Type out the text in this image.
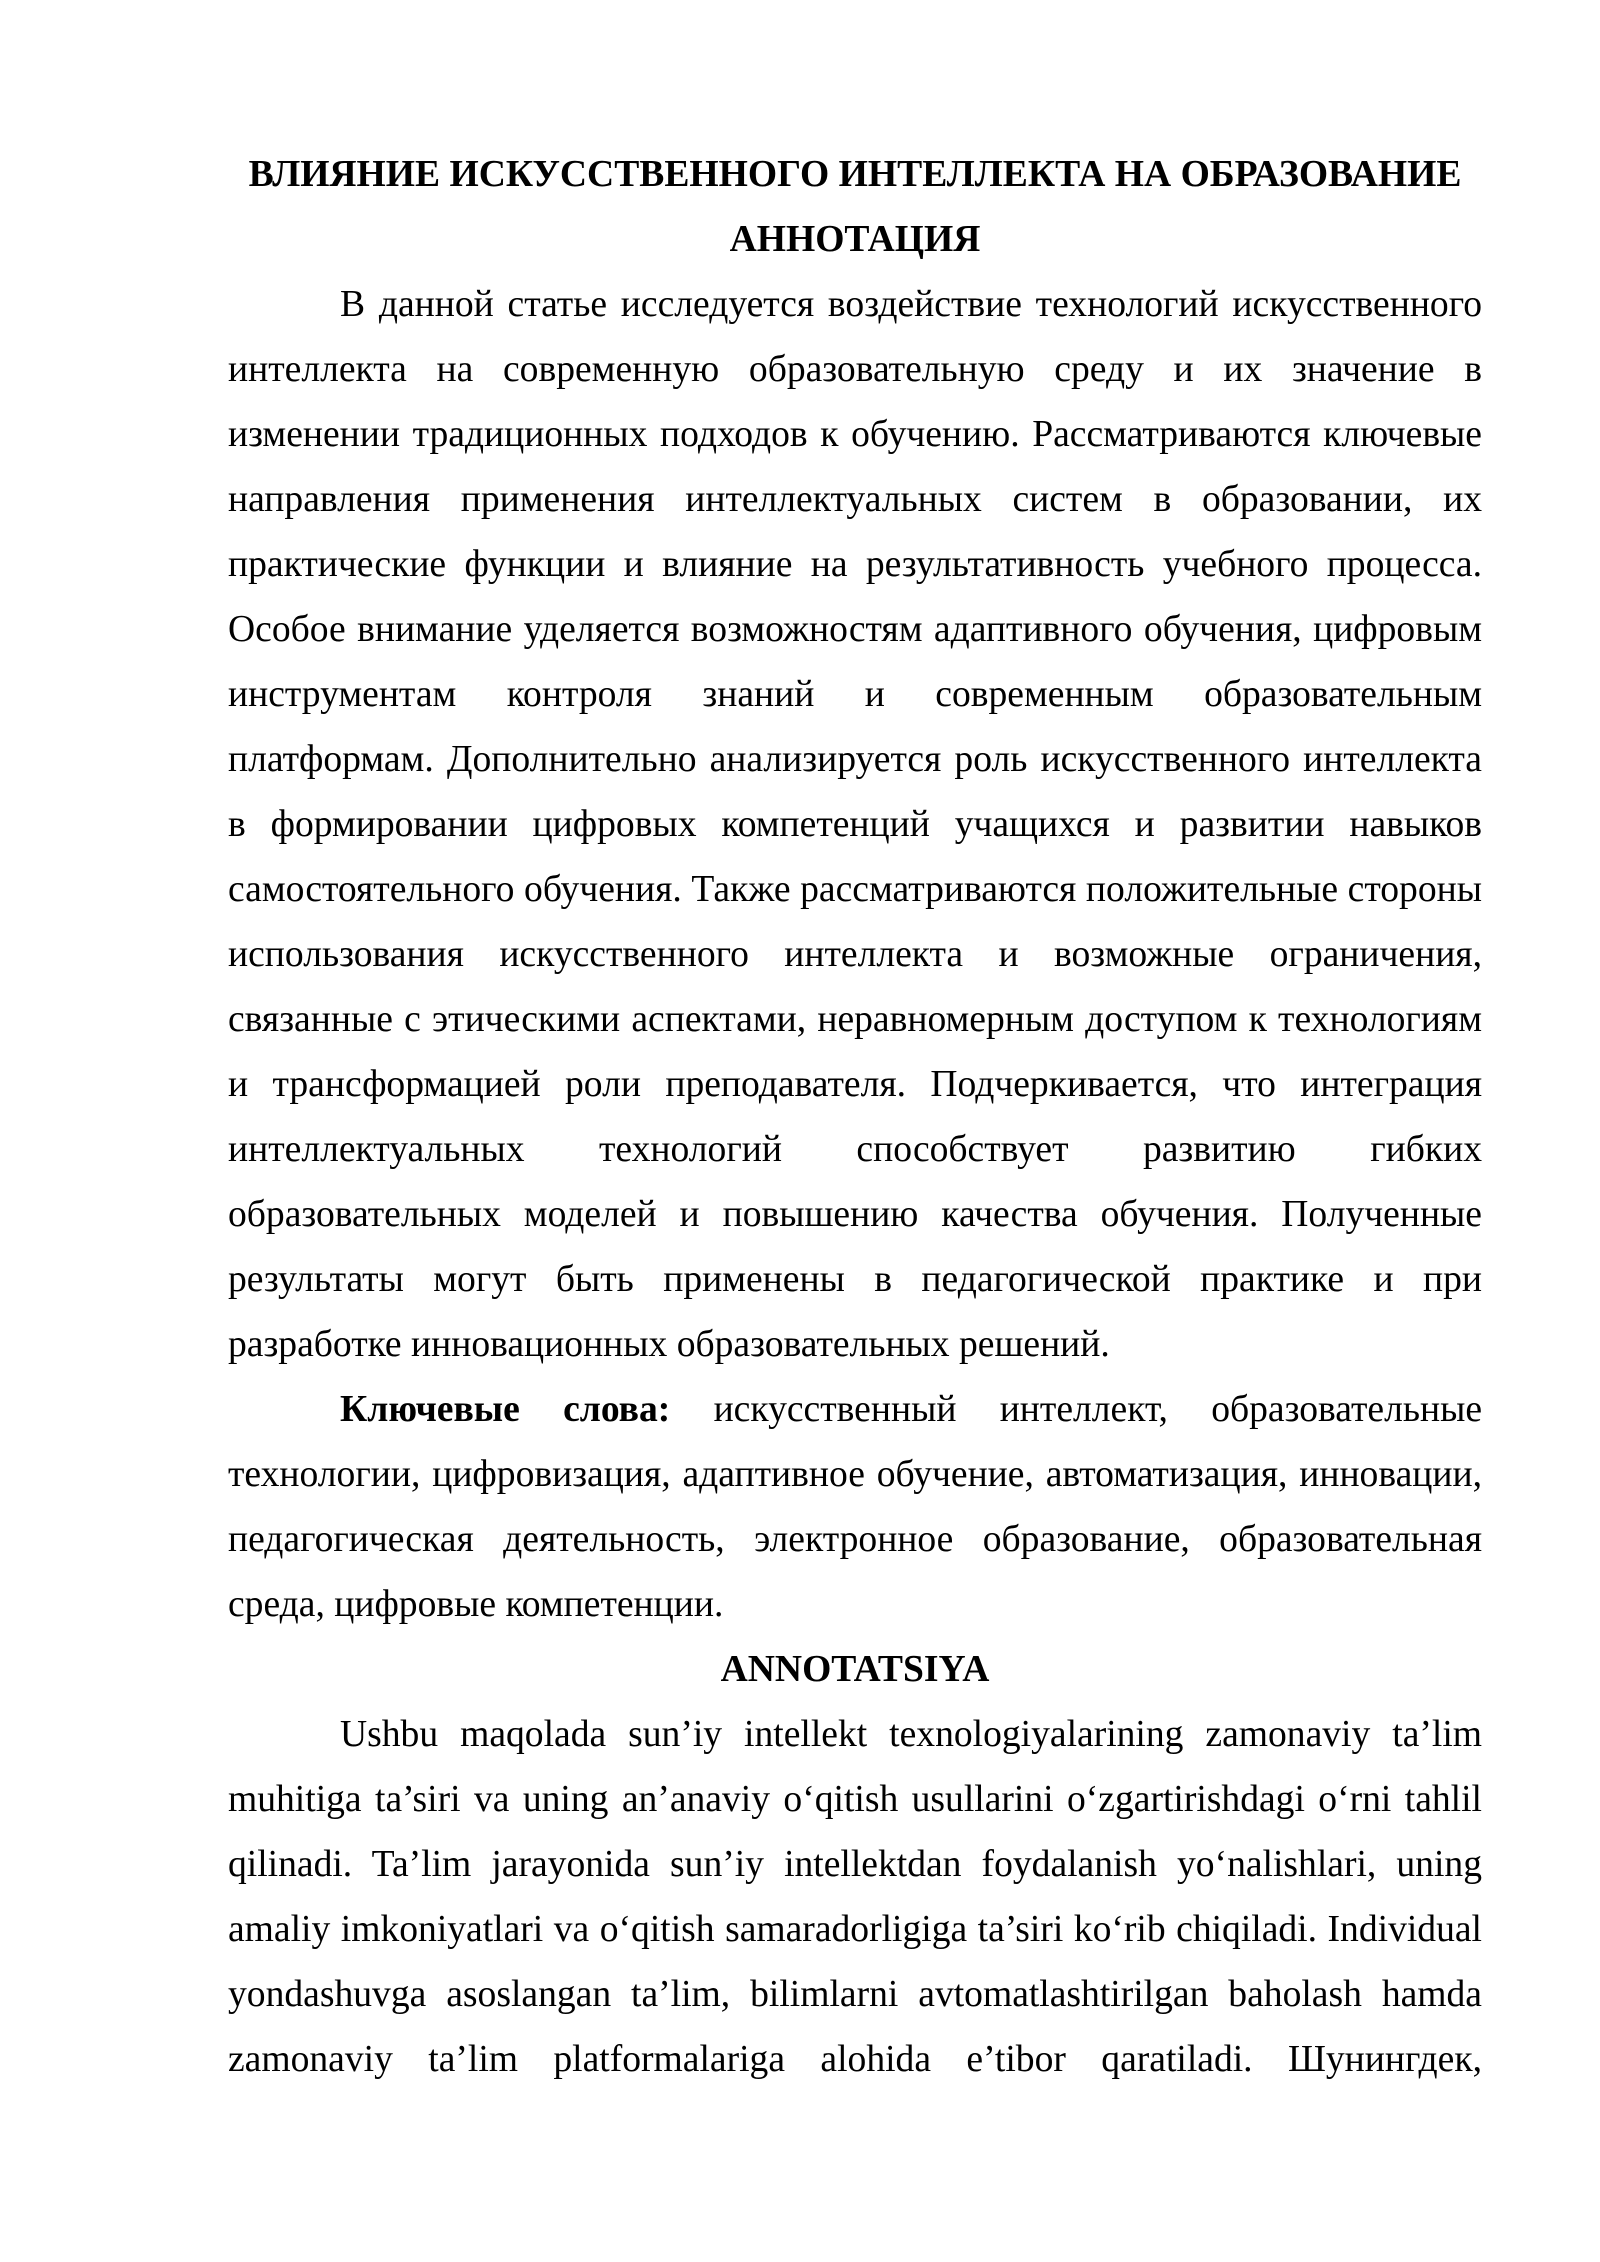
ВЛИЯНИЕ ИСКУССТВЕННОГО ИНТЕЛЛЕКТА НА ОБРАЗОВАНИЕ
АННОТАЦИЯ

В данной статье исследуется воздействие технологий искусственного интеллекта на современную образовательную среду и их значение в изменении традиционных подходов к обучению. Рассматриваются ключевые направления применения интеллектуальных систем в образовании, их практические функции и влияние на результативность учебного процесса. Особое внимание уделяется возможностям адаптивного обучения, цифровым инструментам контроля знаний и современным образовательным платформам. Дополнительно анализируется роль искусственного интеллекта в формировании цифровых компетенций учащихся и развитии навыков самостоятельного обучения. Также рассматриваются положительные стороны использования искусственного интеллекта и возможные ограничения, связанные с этическими аспектами, неравномерным доступом к технологиям и трансформацией роли преподавателя. Подчеркивается, что интеграция интеллектуальных технологий способствует развитию гибких образовательных моделей и повышению качества обучения. Полученные результаты могут быть применены в педагогической практике и при разработке инновационных образовательных решений.

Ключевые слова: искусственный интеллект, образовательные технологии, цифровизация, адаптивное обучение, автоматизация, инновации, педагогическая деятельность, электронное образование, образовательная среда, цифровые компетенции.

ANNOTATSIYA

Ushbu maqolada sun’iy intellekt texnologiyalarining zamonaviy ta’lim muhitiga ta’siri va uning an’anaviy o‘qitish usullarini o‘zgartirishdagi o‘rni tahlil qilinadi. Ta’lim jarayonida sun’iy intellektdan foydalanish yo‘nalishlari, uning amaliy imkoniyatlari va o‘qitish samaradorligiga ta’siri ko‘rib chiqiladi. Individual yondashuvga asoslangan ta’lim, bilimlarni avtomatlashtirilgan baholash hamda zamonaviy ta’lim platformalariga alohida e’tibor qaratiladi. Шунингдек,
